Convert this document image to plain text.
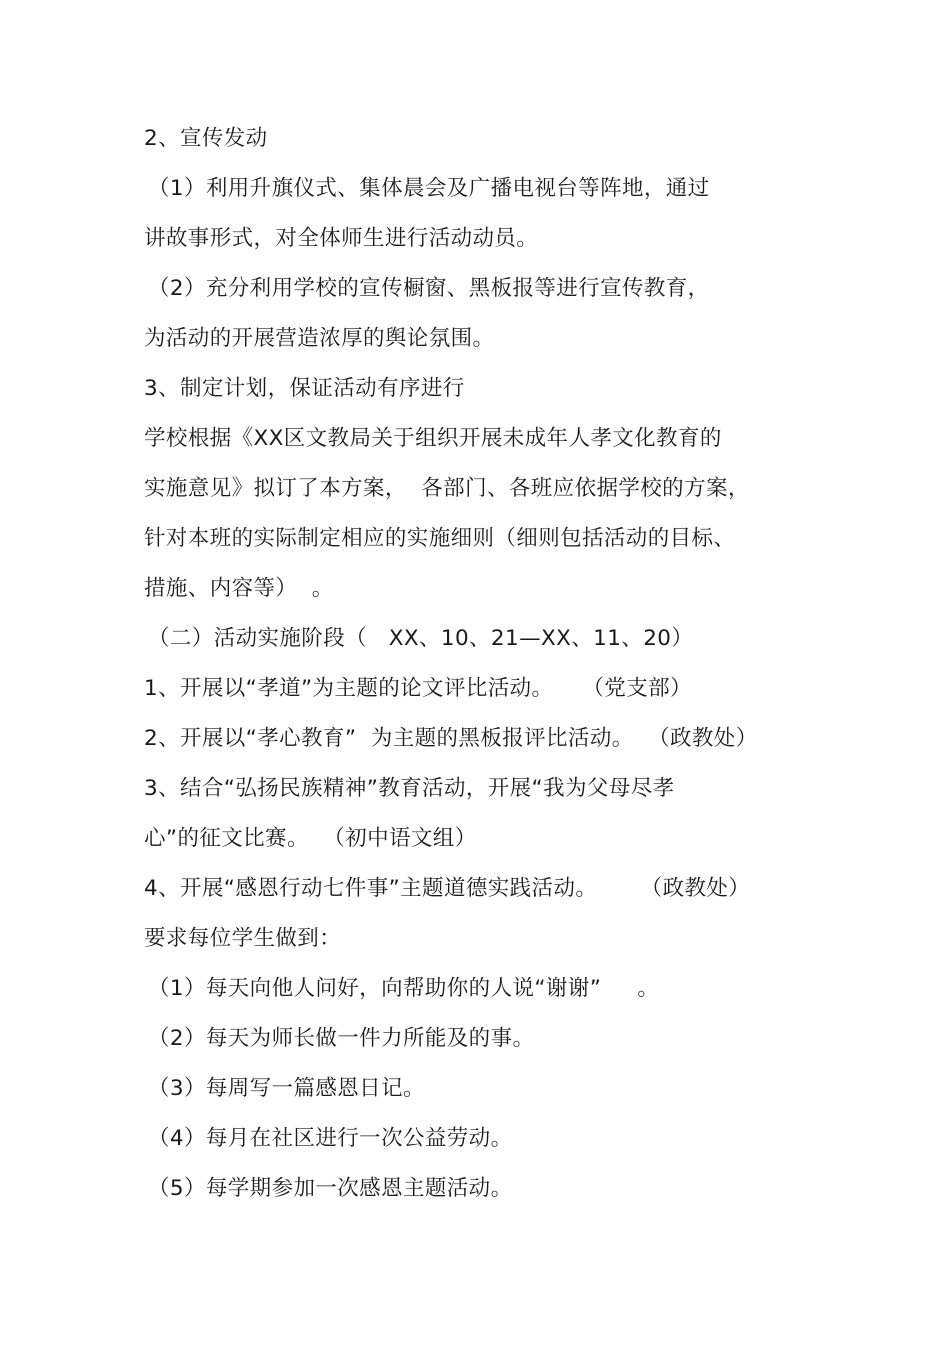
2、宣传发动
（1）利用升旗仪式、集体晨会及广播电视台等阵地，通过
讲故事形式，对全体师生进行活动动员。
（2）充分利用学校的宣传橱窗、黑板报等进行宣传教育，
为活动的开展营造浓厚的舆论氛围。
3、制定计划，保证活动有序进行
学校根据《XX区文教局关于组织开展未成年人孝文化教育的
实施意见》拟订了本方案，  各部门、各班应依据学校的方案，
针对本班的实际制定相应的实施细则（细则包括活动的目标、
措施、内容等）  。
（二）活动实施阶段（   XX、10、21—XX、11、20）
1、开展以“孝道”为主题的论文评比活动。    （党支部）
2、开展以“孝心教育”  为主题的黑板报评比活动。  （政教处）
3、结合“弘扬民族精神”教育活动，开展“我为父母尽孝
心”的征文比赛。  （初中语文组）
4、开展“感恩行动七件事”主题道德实践活动。      （政教处）
要求每位学生做到：
（1）每天向他人问好，向帮助你的人说“谢谢”     。
（2）每天为师长做一件力所能及的事。
（3）每周写一篇感恩日记。
（4）每月在社区进行一次公益劳动。
（5）每学期参加一次感恩主题活动。
